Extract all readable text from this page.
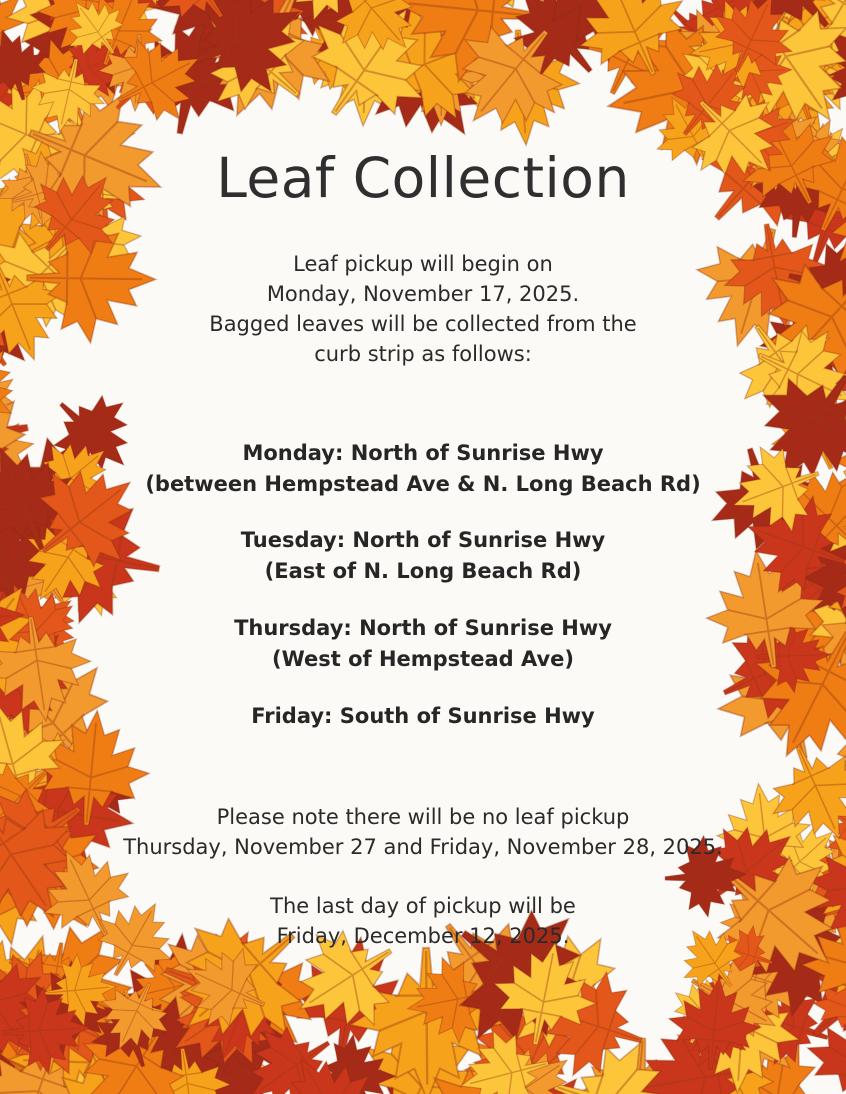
Leaf Collection
Leaf pickup will begin on
Monday, November 17, 2025.
Bagged leaves will be collected from the
curb strip as follows:
Monday: North of Sunrise Hwy
(between Hempstead Ave & N. Long Beach Rd)
Tuesday: North of Sunrise Hwy
(East of N. Long Beach Rd)
Thursday: North of Sunrise Hwy
(West of Hempstead Ave)
Friday: South of Sunrise Hwy
Please note there will be no leaf pickup
Thursday, November 27 and Friday, November 28, 2025.
The last day of pickup will be
Friday, December 12, 2025.
